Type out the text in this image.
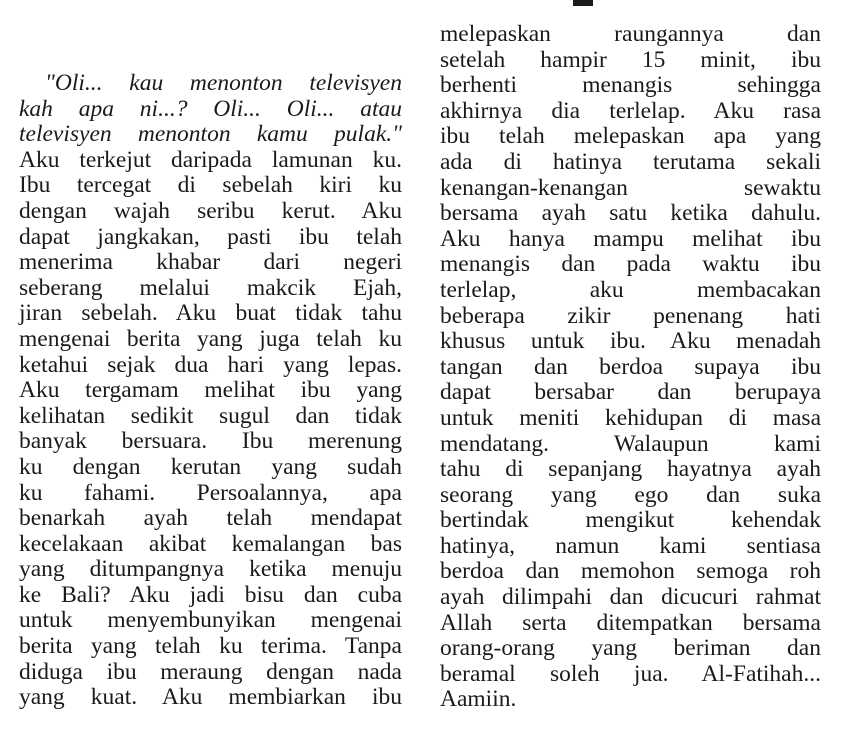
"Oli... kau menonton televisyen
kah apa ni...? Oli... Oli... atau
televisyen menonton kamu pulak."
Aku terkejut daripada lamunan ku.
Ibu tercegat di sebelah kiri ku
dengan wajah seribu kerut. Aku
dapat jangkakan, pasti ibu telah
menerima khabar dari negeri
seberang melalui makcik Ejah,
jiran sebelah. Aku buat tidak tahu
mengenai berita yang juga telah ku
ketahui sejak dua hari yang lepas.
Aku tergamam melihat ibu yang
kelihatan sedikit sugul dan tidak
banyak bersuara. Ibu merenung
ku dengan kerutan yang sudah
ku fahami. Persoalannya, apa
benarkah ayah telah mendapat
kecelakaan akibat kemalangan bas
yang ditumpangnya ketika menuju
ke Bali? Aku jadi bisu dan cuba
untuk menyembunyikan mengenai
berita yang telah ku terima. Tanpa
diduga ibu meraung dengan nada
yang kuat. Aku membiarkan ibu
melepaskan raungannya dan
setelah hampir 15 minit, ibu
berhenti menangis sehingga
akhirnya dia terlelap. Aku rasa
ibu telah melepaskan apa yang
ada di hatinya terutama sekali
kenangan-kenangan sewaktu
bersama ayah satu ketika dahulu.
Aku hanya mampu melihat ibu
menangis dan pada waktu ibu
terlelap, aku membacakan
beberapa zikir penenang hati
khusus untuk ibu. Aku menadah
tangan dan berdoa supaya ibu
dapat bersabar dan berupaya
untuk meniti kehidupan di masa
mendatang. Walaupun kami
tahu di sepanjang hayatnya ayah
seorang yang ego dan suka
bertindak mengikut kehendak
hatinya, namun kami sentiasa
berdoa dan memohon semoga roh
ayah dilimpahi dan dicucuri rahmat
Allah serta ditempatkan bersama
orang-orang yang beriman dan
beramal soleh jua. Al-Fatihah...
Aamiin.
